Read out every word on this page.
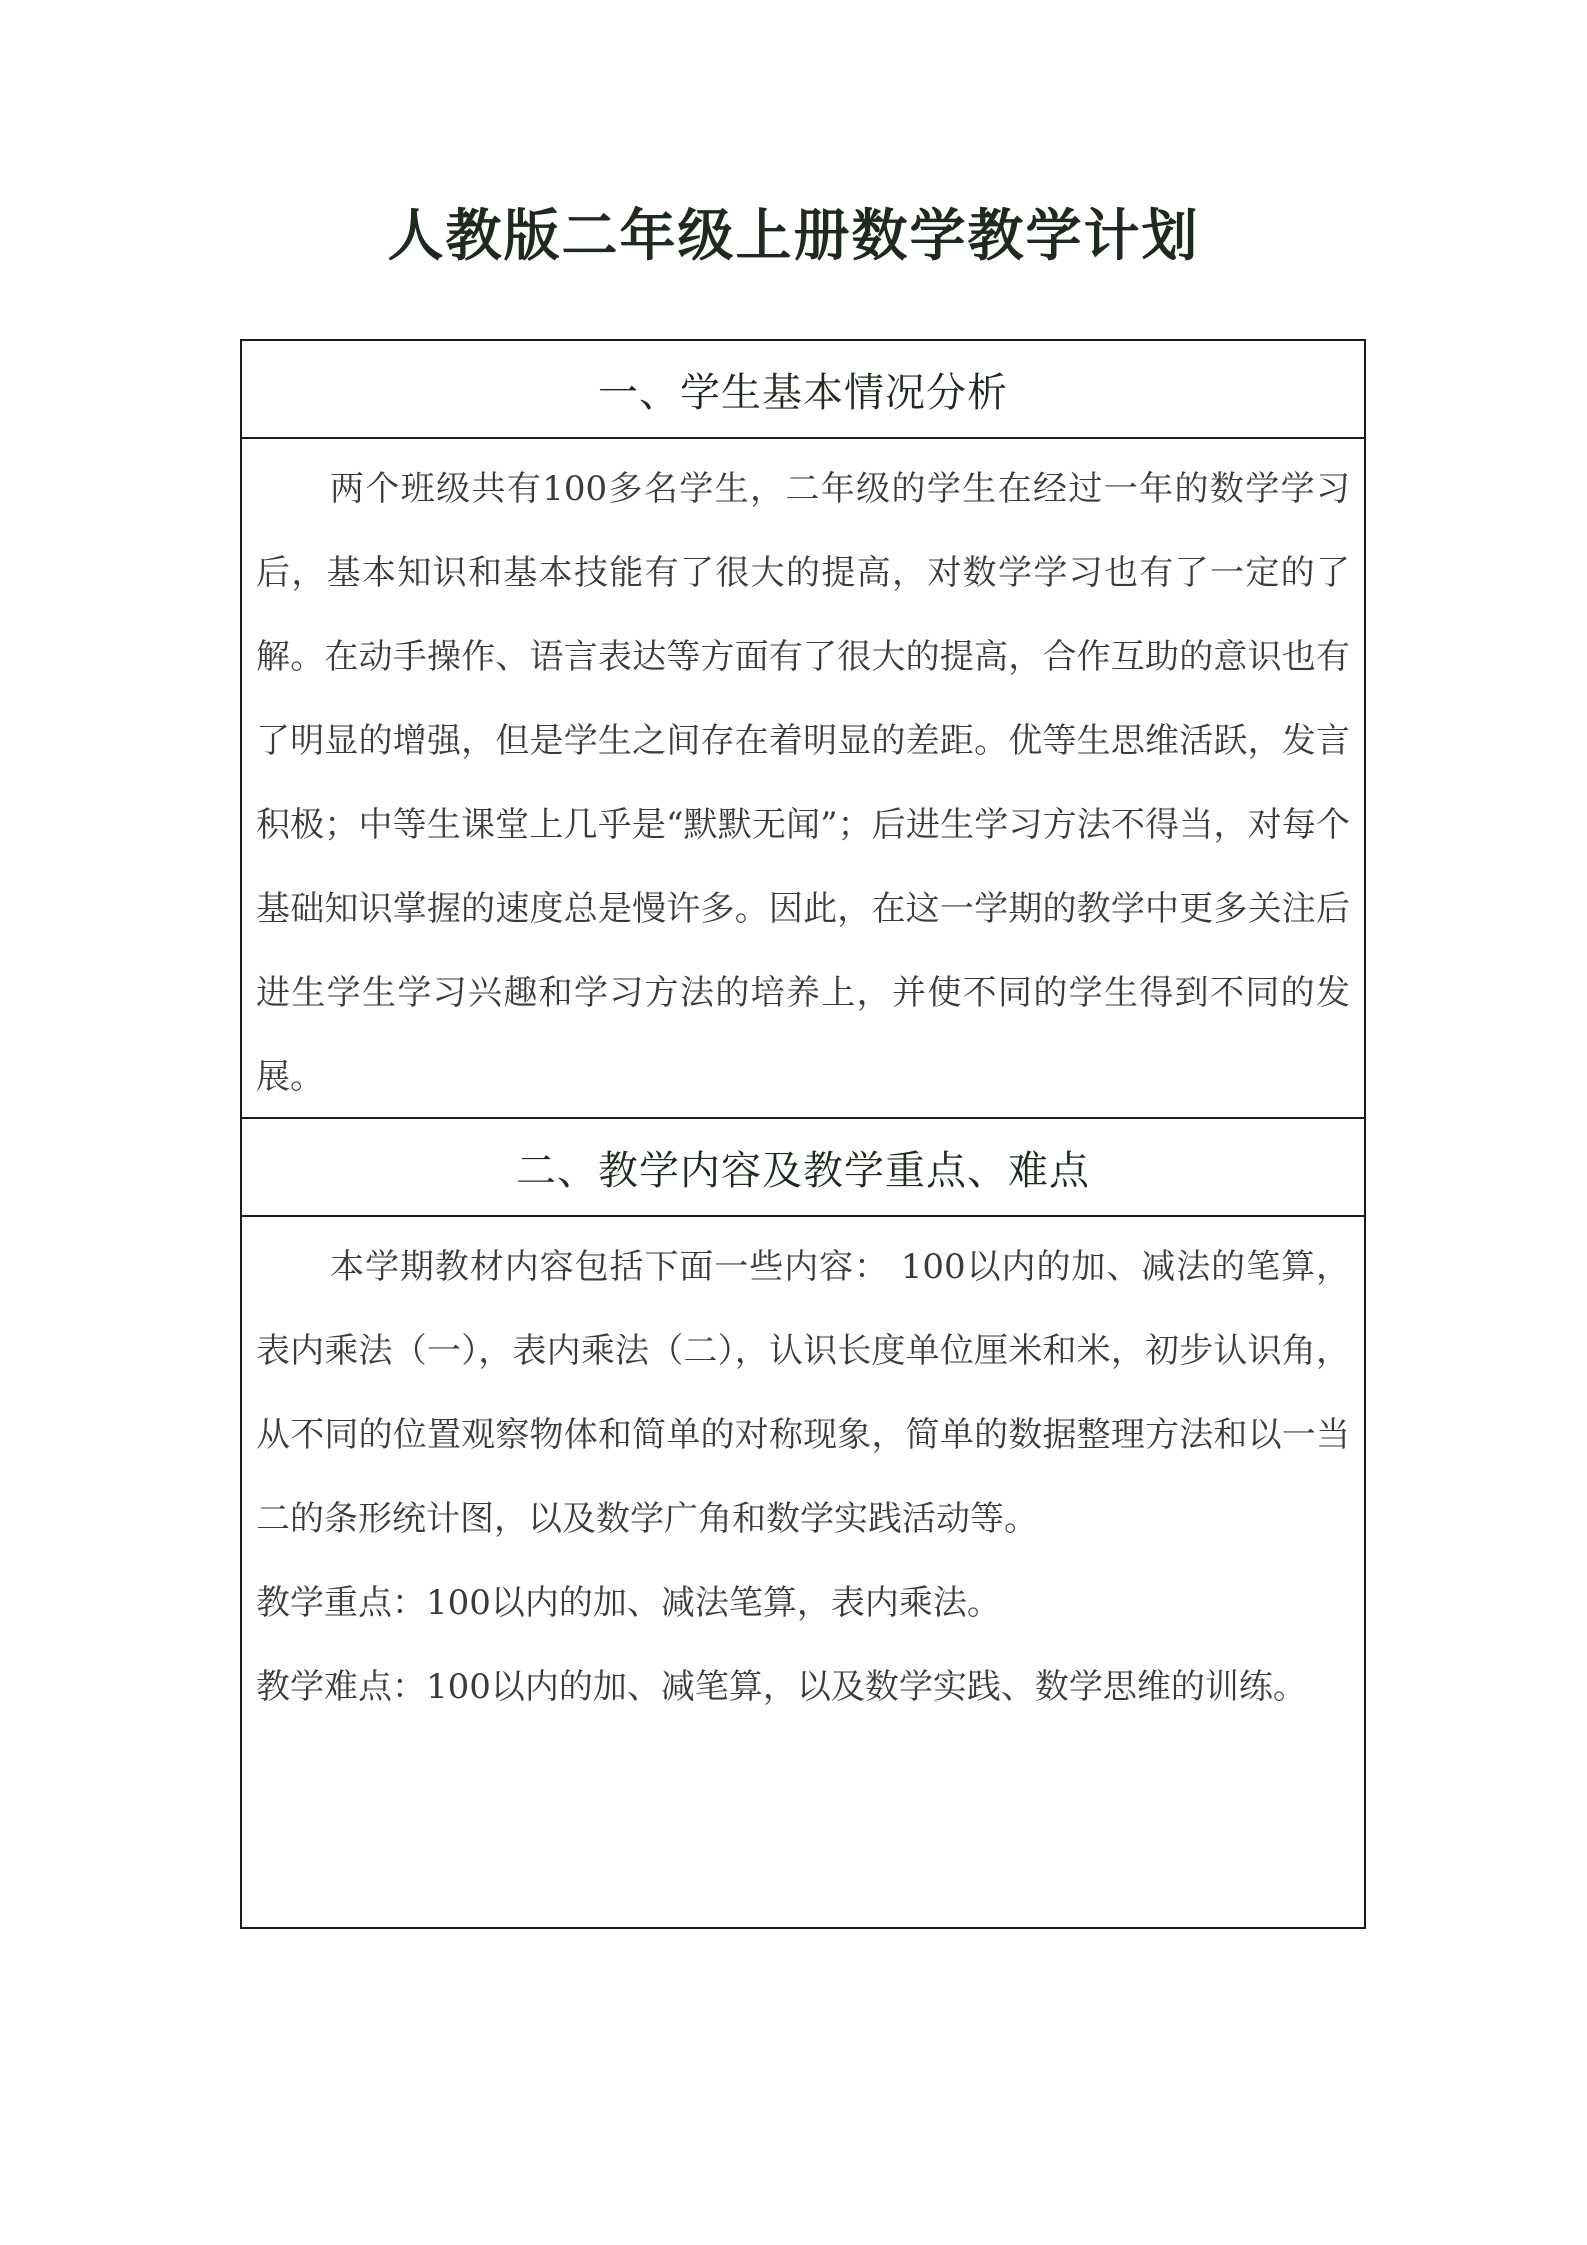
人教版二年级上册数学教学计划
一、学生基本情况分析

两个班级共有100多名学生，二年级的学生在经过一年的数学学习后，基本知识和基本技能有了很大的提高，对数学学习也有了一定的了解。在动手操作、语言表达等方面有了很大的提高，合作互助的意识也有了明显的增强，但是学生之间存在着明显的差距。优等生思维活跃，发言积极；中等生课堂上几乎是“默默无闻”；后进生学习方法不得当，对每个基础知识掌握的速度总是慢许多。因此，在这一学期的教学中更多关注后进生学生学习兴趣和学习方法的培养上，并使不同的学生得到不同的发展。

二、教学内容及教学重点、难点

本学期教材内容包括下面一些内容： 100以内的加、减法的笔算，表内乘法（一），表内乘法（二），认识长度单位厘米和米，初步认识角，从不同的位置观察物体和简单的对称现象，简单的数据整理方法和以一当二的条形统计图，以及数学广角和数学实践活动等。

教学重点：100以内的加、减法笔算，表内乘法。

教学难点：100以内的加、减笔算，以及数学实践、数学思维的训练。
